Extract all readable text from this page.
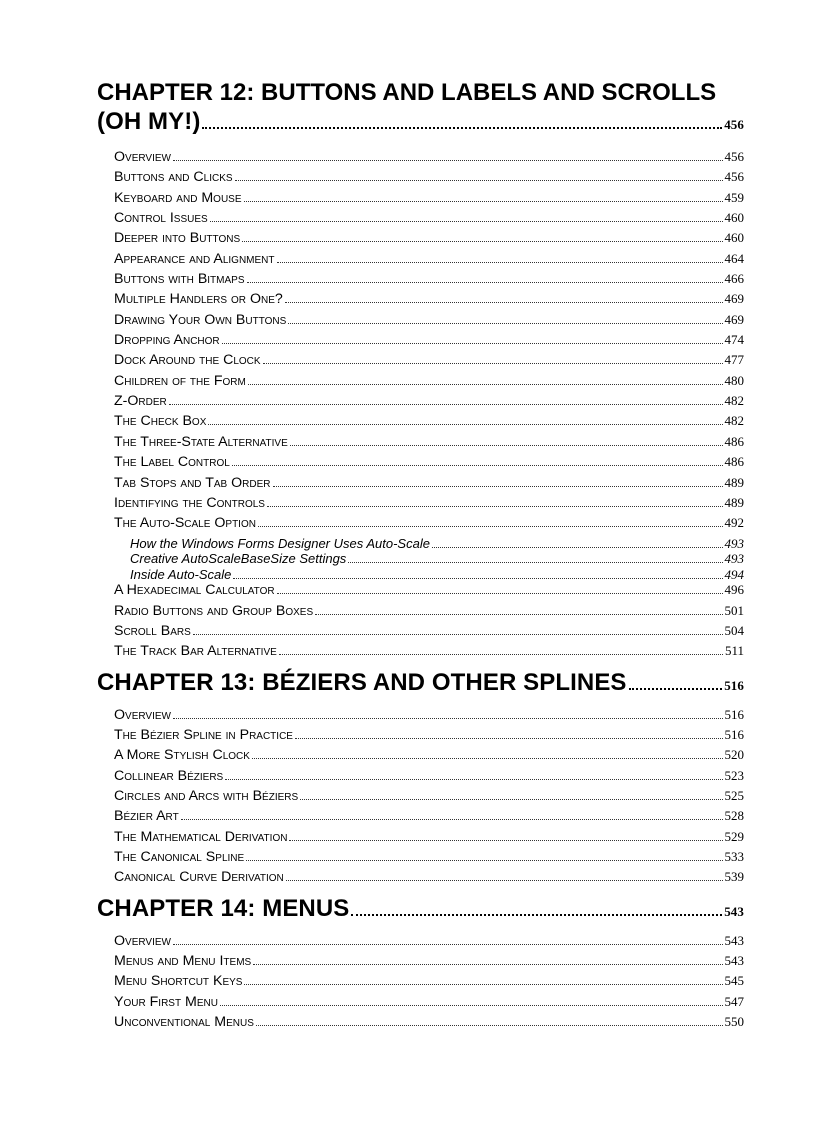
CHAPTER 12: BUTTONS AND LABELS AND SCROLLS
(OH MY!)	456
Overview	456
Buttons and Clicks	456
Keyboard and Mouse	459
Control Issues	460
Deeper into Buttons	460
Appearance and Alignment	464
Buttons with Bitmaps	466
Multiple Handlers or One?	469
Drawing Your Own Buttons	469
Dropping Anchor	474
Dock Around the Clock	477
Children of the Form	480
Z-Order	482
The Check Box	482
The Three-State Alternative	486
The Label Control	486
Tab Stops and Tab Order	489
Identifying the Controls	489
The Auto-Scale Option	492
How the Windows Forms Designer Uses Auto-Scale	493
Creative AutoScaleBaseSize Settings	493
Inside Auto-Scale	494
A Hexadecimal Calculator	496
Radio Buttons and Group Boxes	501
Scroll Bars	504
The Track Bar Alternative	511
CHAPTER 13: BÉZIERS AND OTHER SPLINES	516
Overview	516
The Bézier Spline in Practice	516
A More Stylish Clock	520
Collinear Béziers	523
Circles and Arcs with Béziers	525
Bézier Art	528
The Mathematical Derivation	529
The Canonical Spline	533
Canonical Curve Derivation	539
CHAPTER 14: MENUS	543
Overview	543
Menus and Menu Items	543
Menu Shortcut Keys	545
Your First Menu	547
Unconventional Menus	550
